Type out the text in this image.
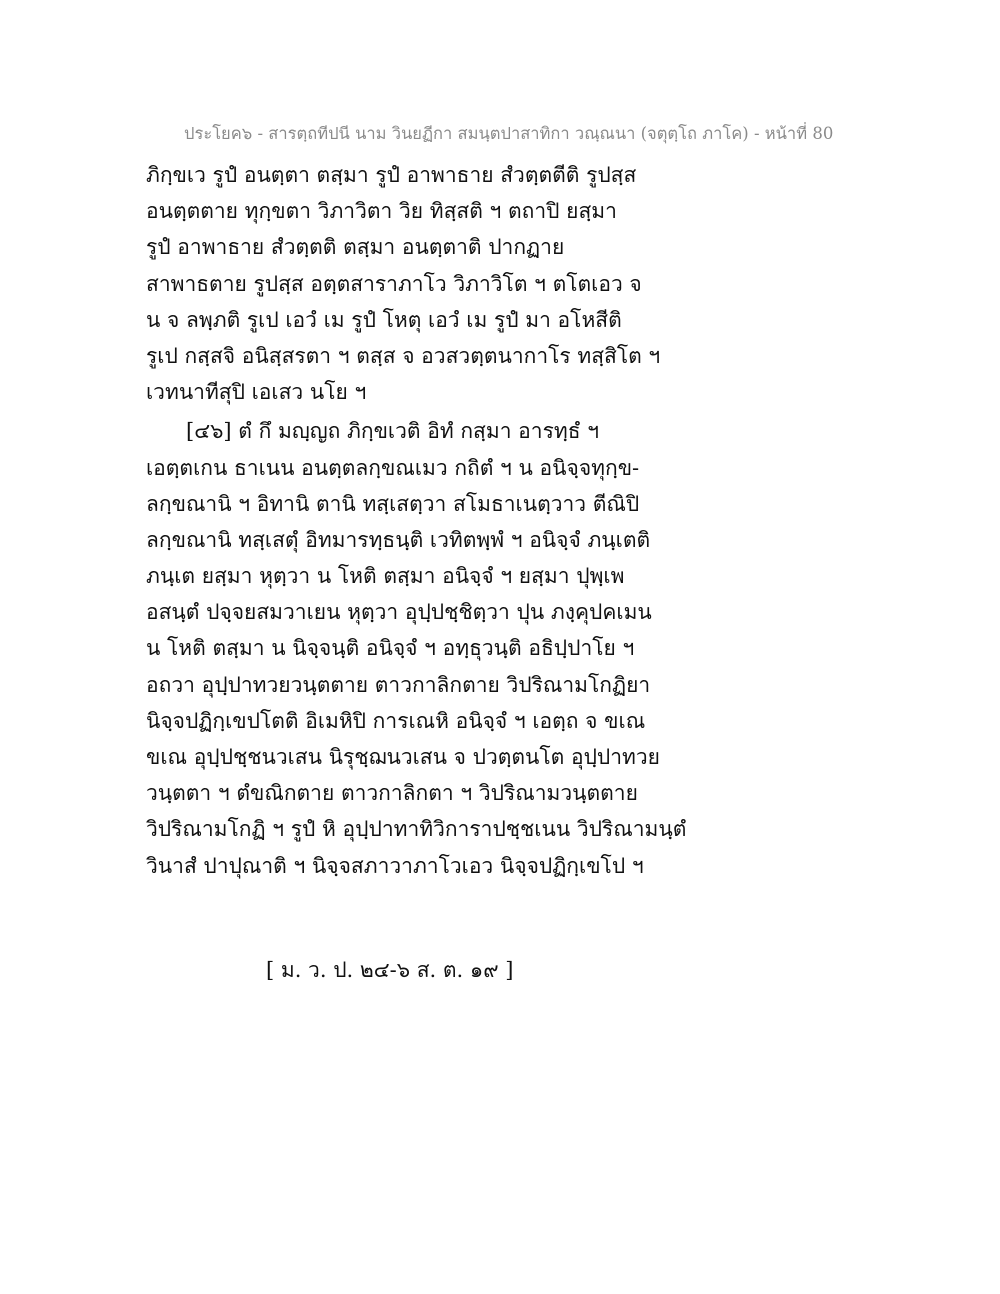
ประโยค๖ - สารตฺถทีปนี นาม วินยฏีกา สมนฺตปาสาทิกา วณฺณนา (จตุตฺโถ ภาโค) - หน้าที่ 80
ภิกฺขเว รูปํ อนตฺตา ตสฺมา รูปํ อาพาธาย สํวตฺตตีติ รูปสฺส
อนตฺตตาย ทุกฺขตา วิภาวิตา วิย ทิสฺสติ ฯ ตถาปิ ยสฺมา
รูปํ อาพาธาย สํวตฺตติ ตสฺมา อนตฺตาติ ปากฏาย
สาพาธตาย รูปสฺส อตฺตสาราภาโว วิภาวิโต ฯ ตโตเอว จ
น จ ลพฺภติ รูเป เอวํ เม รูปํ โหตุ เอวํ เม รูปํ มา อโหสีติ
รูเป กสฺสจิ อนิสฺสรตา ฯ ตสฺส จ อวสวตฺตนากาโร ทสฺสิโต ฯ
เวทนาทีสุปิ เอเสว นโย ฯ
[๔๖] ตํ กึ มญฺญถ ภิกฺขเวติ อิทํ กสฺมา อารทฺธํ ฯ
เอตฺตเกน ธาเนน อนตฺตลกฺขณเมว กถิตํ ฯ น อนิจฺจทุกฺข-
ลกฺขณานิ ฯ อิทานิ ตานิ ทสฺเสตฺวา สโมธาเนตฺวาว ตีณิปิ
ลกฺขณานิ ทสฺเสตุํ อิทมารทฺธนฺติ เวทิตพฺพํ ฯ อนิจฺจํ ภนฺเตติ
ภนฺเต ยสฺมา หุตฺวา น โหติ ตสฺมา อนิจฺจํ ฯ ยสฺมา ปุพฺเพ
อสนฺตํ ปจฺจยสมวาเยน หุตฺวา อุปฺปชฺชิตฺวา ปุน ภงฺคุปคเมน
น โหติ ตสฺมา น นิจฺจนฺติ อนิจฺจํ ฯ อทฺธุวนฺติ อธิปฺปาโย ฯ
อถวา อุปฺปาทวยวนฺตตาย ตาวกาลิกตาย วิปริณามโกฏิยา
นิจฺจปฏิกฺเขปโตติ อิเมหิปิ การเณหิ อนิจฺจํ ฯ เอตฺถ จ ขเณ
ขเณ อุปฺปชฺชนวเสน นิรุชฺฌนวเสน จ ปวตฺตนโต อุปฺปาทวย
วนฺตตา ฯ ตํขณิกตาย ตาวกาลิกตา ฯ วิปริณามวนฺตตาย
วิปริณามโกฏิ ฯ รูปํ หิ อุปฺปาทาทิวิการาปชฺชเนน วิปริณามนฺตํ
วินาสํ ปาปุณาติ ฯ นิจฺจสภาวาภาโวเอว นิจฺจปฏิกฺเขโป ฯ
[ ม. ว. ป. ๒๔-๖ ส. ต. ๑๙ ]
